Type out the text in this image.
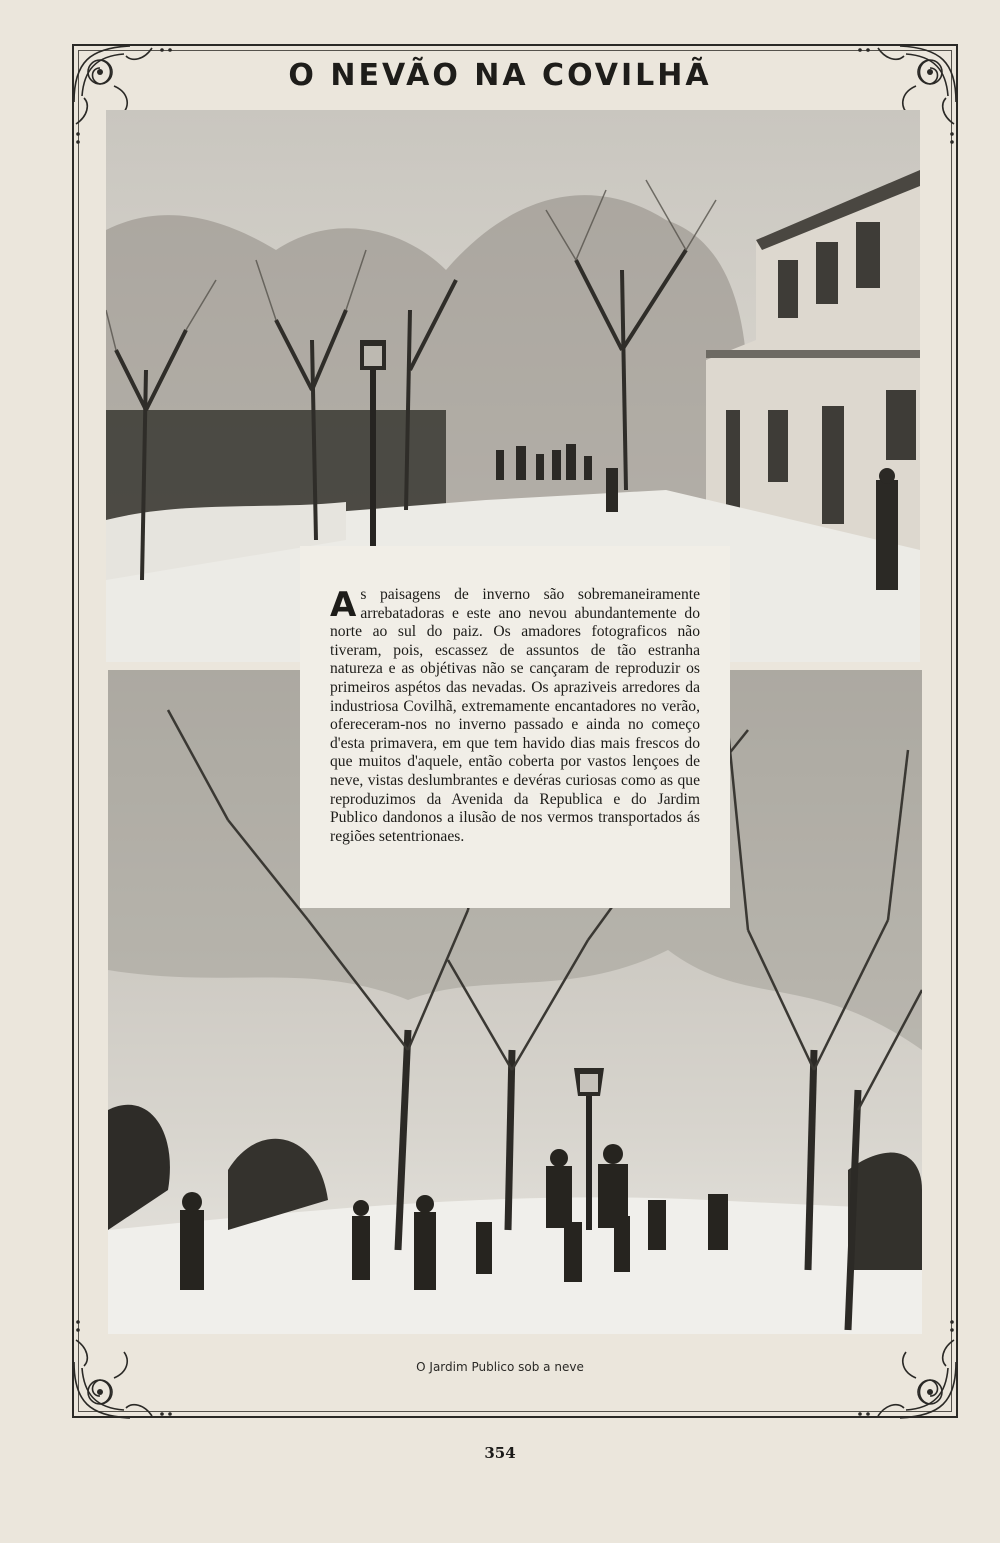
O NEVÃO NA COVILHÃ

As paisagens de inverno são sobremaneiramente arrebatadoras e este ano nevou abundantemente do norte ao sul do paiz. Os amadores fotograficos não tiveram, pois, escassez de assuntos de tão estranha natureza e as objétivas não se cançaram de reproduzir os primeiros aspétos das nevadas. Os apraziveis arredores da industriosa Covilhã, extremamente encantadores no verão, ofereceram-nos no inverno passado e ainda no começo d'esta primavera, em que tem havido dias mais frescos do que muitos d'aquele, então coberta por vastos lençoes de neve, vistas deslumbrantes e devéras curiosas como as que reproduzimos da Avenida da Republica e do Jardim Publico dandonos a ilusão de nos vermos transportados ás regiões setentrionaes.

O Jardim Publico sob a neve
354
